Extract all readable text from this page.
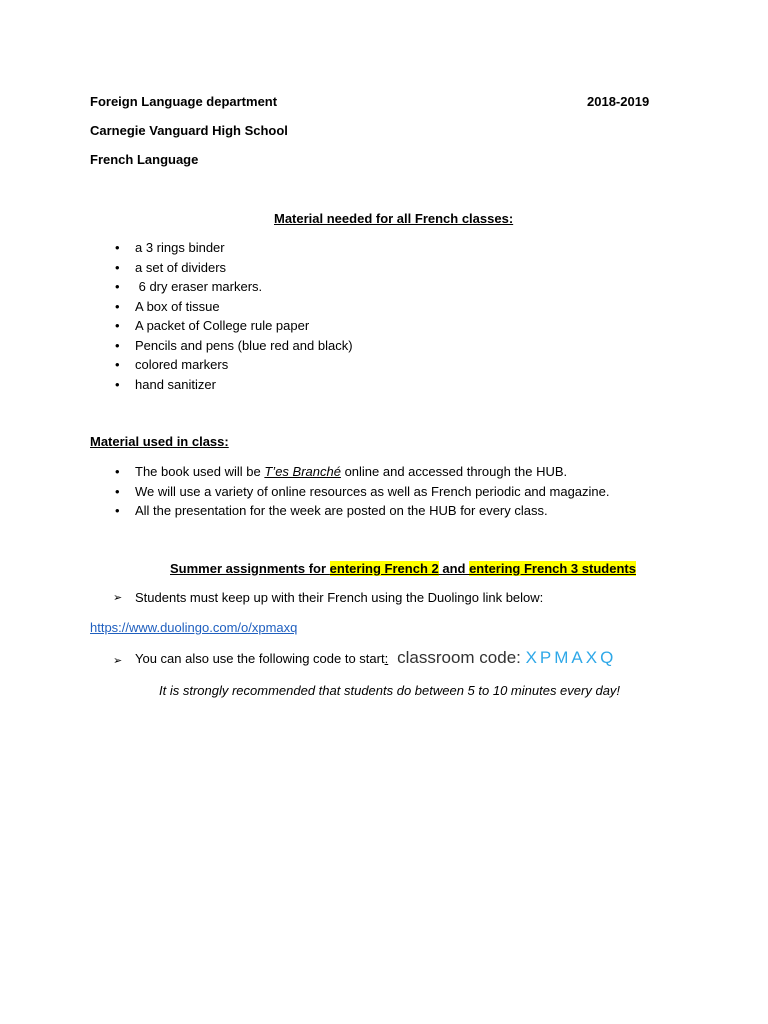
Foreign Language department	2018-2019
Carnegie Vanguard High School
French Language
Material needed for all French classes:
• a 3 rings binder
• a set of dividers
• 6 dry eraser markers.
• A box of tissue
• A packet of College rule paper
• Pencils and pens (blue red and black)
• colored markers
• hand sanitizer
Material used in class:
• The book used will be T’es Branché online and accessed through the HUB.
• We will use a variety of online resources as well as French periodic and magazine.
• All the presentation for the week are posted on the HUB for every class.
Summer assignments for entering French 2 and entering French 3 students
➢ Students must keep up with their French using the Duolingo link below:
https://www.duolingo.com/o/xpmaxq
➢ You can also use the following code to start: classroom code: XPMAXQ
It is strongly recommended that students do between 5 to 10 minutes every day!
